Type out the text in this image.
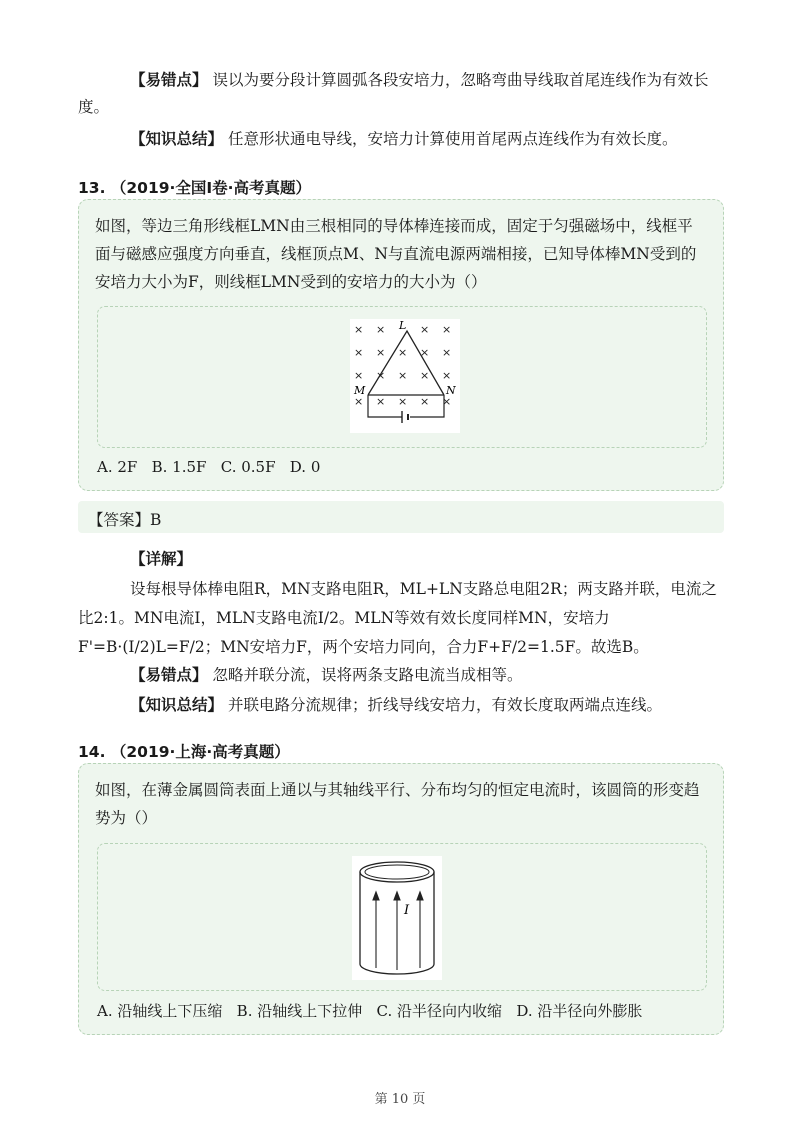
【易错点】 误以为要分段计算圆弧各段安培力，忽略弯曲导线取首尾连线作为有效长度。
【知识总结】 任意形状通电导线，安培力计算使用首尾两点连线作为有效长度。
13. （2019·全国Ⅰ卷·高考真题）
如图，等边三角形线框LMN由三根相同的导体棒连接而成，固定于匀强磁场中，线框平面与磁感应强度方向垂直，线框顶点M、N与直流电源两端相接，已知导体棒MN受到的安培力大小为F，则线框LMN受到的安培力的大小为（）
× ×	× ×
× × × × ×
× × × × ×
× × × × ×
L
M	N
A. 2F   B. 1.5F   C. 0.5F   D. 0
【答案】B
【详解】
设每根导体棒电阻R，MN支路电阻R，ML+LN支路总电阻2R；两支路并联，电流之比2:1。MN电流I，MLN支路电流I/2。MLN等效有效长度同样MN，安培力F'=B·(I/2)L=F/2；MN安培力F，两个安培力同向，合力F+F/2=1.5F。故选B。
【易错点】 忽略并联分流，误将两条支路电流当成相等。
【知识总结】 并联电路分流规律；折线导线安培力，有效长度取两端点连线。
14. （2019·上海·高考真题）
如图，在薄金属圆筒表面上通以与其轴线平行、分布均匀的恒定电流时，该圆筒的形变趋势为（）
I
A. 沿轴线上下压缩   B. 沿轴线上下拉伸   C. 沿半径向内收缩   D. 沿半径向外膨胀
第 10 页
